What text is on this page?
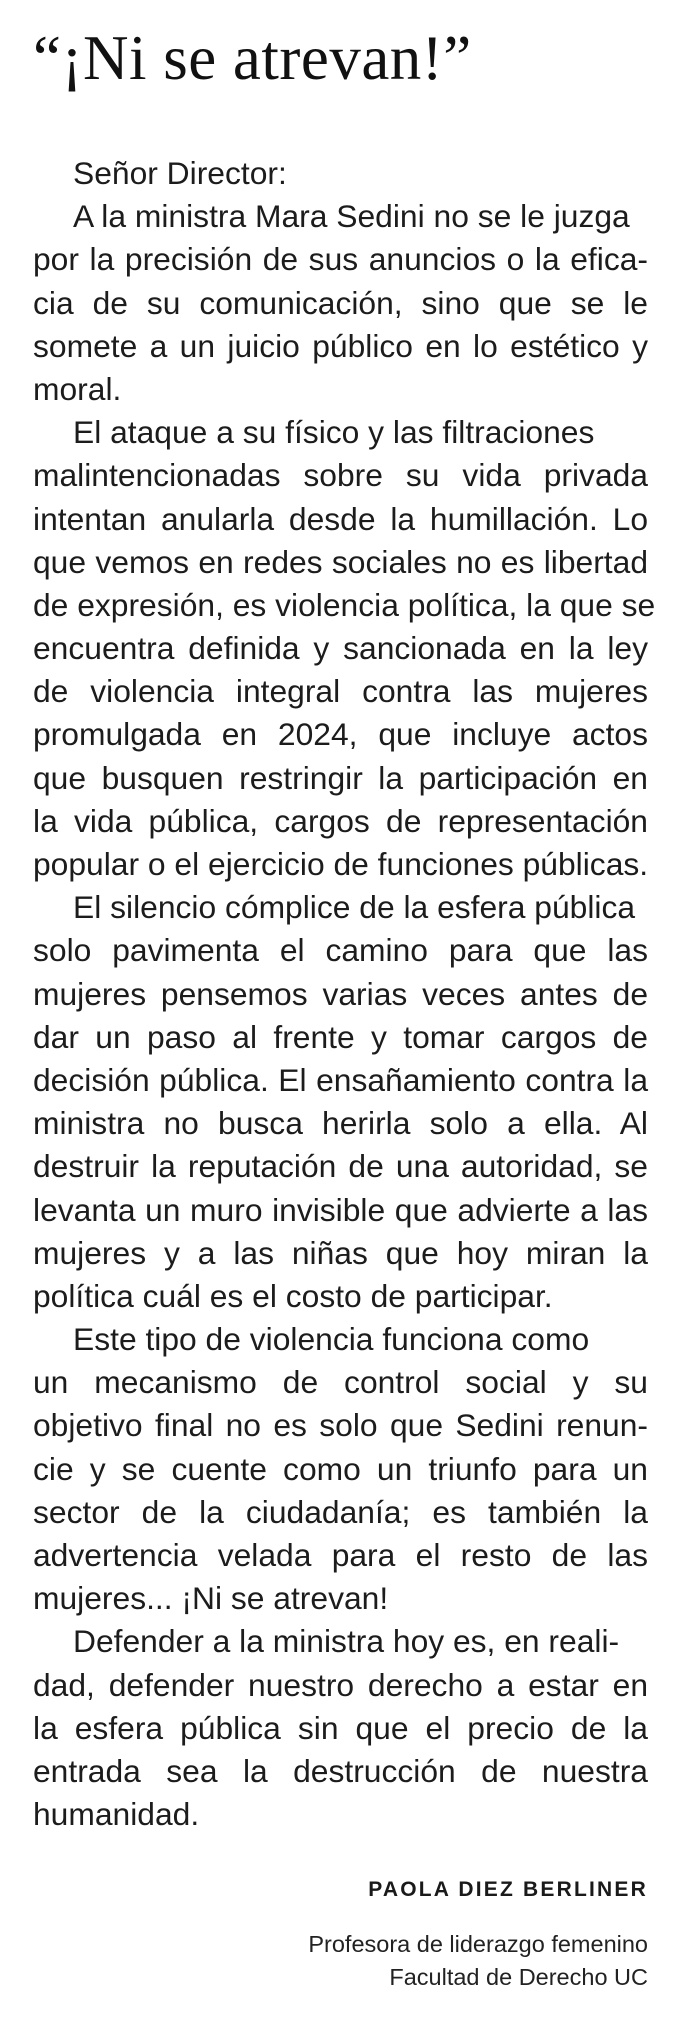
“¡Ni se atrevan!”
Señor Director:
A la ministra Mara Sedini no se le juzga
por la precisión de sus anuncios o la efica-
cia de su comunicación, sino que se le
somete a un juicio público en lo estético y
moral.
El ataque a su físico y las filtraciones
malintencionadas sobre su vida privada
intentan anularla desde la humillación. Lo
que vemos en redes sociales no es libertad
de expresión, es violencia política, la que se
encuentra definida y sancionada en la ley
de violencia integral contra las mujeres
promulgada en 2024, que incluye actos
que busquen restringir la participación en
la vida pública, cargos de representación
popular o el ejercicio de funciones públicas.
El silencio cómplice de la esfera pública
solo pavimenta el camino para que las
mujeres pensemos varias veces antes de
dar un paso al frente y tomar cargos de
decisión pública. El ensañamiento contra la
ministra no busca herirla solo a ella. Al
destruir la reputación de una autoridad, se
levanta un muro invisible que advierte a las
mujeres y a las niñas que hoy miran la
política cuál es el costo de participar.
Este tipo de violencia funciona como
un mecanismo de control social y su
objetivo final no es solo que Sedini renun-
cie y se cuente como un triunfo para un
sector de la ciudadanía; es también la
advertencia velada para el resto de las
mujeres... ¡Ni se atrevan!
Defender a la ministra hoy es, en reali-
dad, defender nuestro derecho a estar en
la esfera pública sin que el precio de la
entrada sea la destrucción de nuestra
humanidad.
PAOLA DIEZ BERLINER
Profesora de liderazgo femenino
Facultad de Derecho UC
